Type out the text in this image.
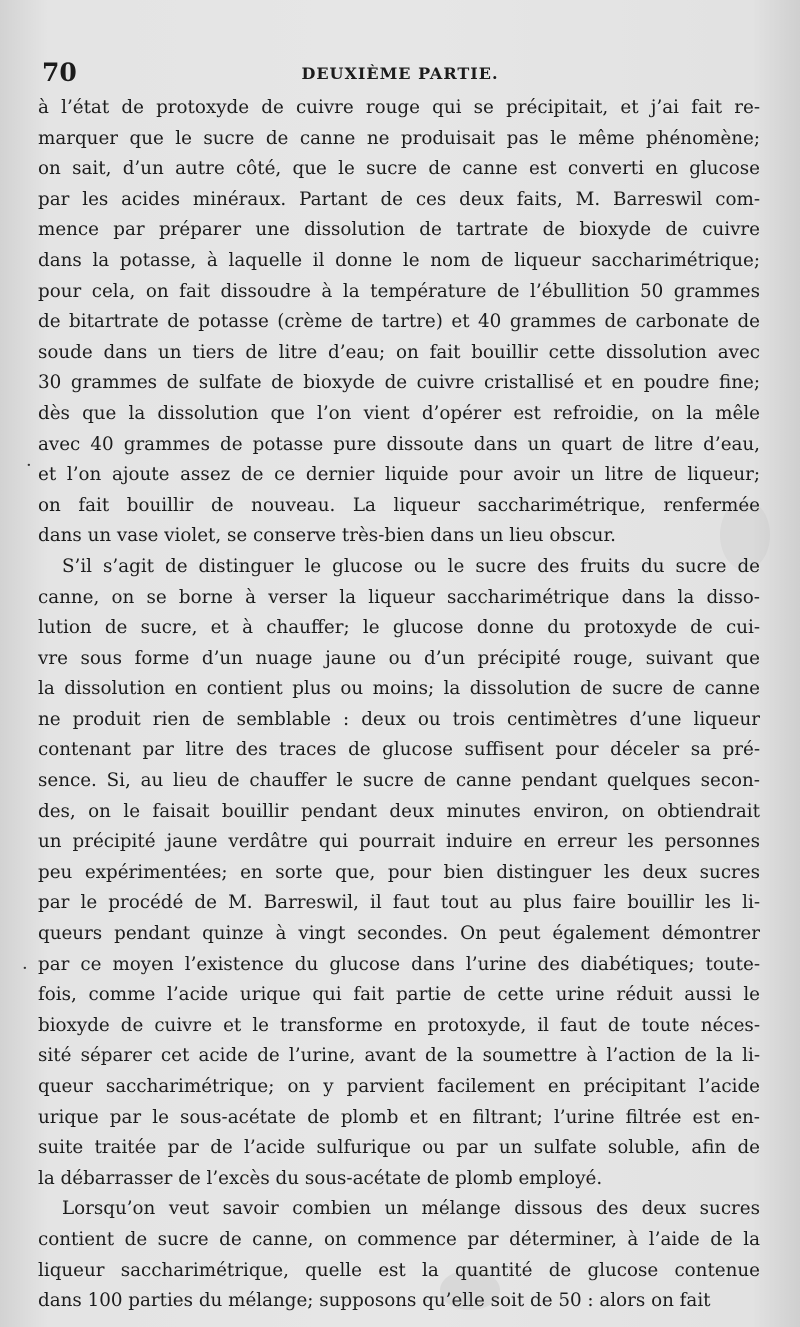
70	DEUXIÈME PARTIE.
·
·
à l’état de protoxyde de cuivre rouge qui se précipitait, et j’ai fait re-
marquer que le sucre de canne ne produisait pas le même phénomène;
on sait, d’un autre côté, que le sucre de canne est converti en glucose
par les acides minéraux. Partant de ces deux faits, M. Barreswil com-
mence par préparer une dissolution de tartrate de bioxyde de cuivre
dans la potasse, à laquelle il donne le nom de liqueur saccharimétrique;
pour cela, on fait dissoudre à la température de l’ébullition 50 grammes
de bitartrate de potasse (crème de tartre) et 40 grammes de carbonate de
soude dans un tiers de litre d’eau; on fait bouillir cette dissolution avec
30 grammes de sulfate de bioxyde de cuivre cristallisé et en poudre fine;
dès que la dissolution que l’on vient d’opérer est refroidie, on la mêle
avec 40 grammes de potasse pure dissoute dans un quart de litre d’eau,
et l’on ajoute assez de ce dernier liquide pour avoir un litre de liqueur;
on fait bouillir de nouveau. La liqueur saccharimétrique, renfermée
dans un vase violet, se conserve très-bien dans un lieu obscur.
S’il s’agit de distinguer le glucose ou le sucre des fruits du sucre de
canne, on se borne à verser la liqueur saccharimétrique dans la disso-
lution de sucre, et à chauffer; le glucose donne du protoxyde de cui-
vre sous forme d’un nuage jaune ou d’un précipité rouge, suivant que
la dissolution en contient plus ou moins; la dissolution de sucre de canne
ne produit rien de semblable : deux ou trois centimètres d’une liqueur
contenant par litre des traces de glucose suffisent pour déceler sa pré-
sence. Si, au lieu de chauffer le sucre de canne pendant quelques secon-
des, on le faisait bouillir pendant deux minutes environ, on obtiendrait
un précipité jaune verdâtre qui pourrait induire en erreur les personnes
peu expérimentées; en sorte que, pour bien distinguer les deux sucres
par le procédé de M. Barreswil, il faut tout au plus faire bouillir les li-
queurs pendant quinze à vingt secondes. On peut également démontrer
par ce moyen l’existence du glucose dans l’urine des diabétiques; toute-
fois, comme l’acide urique qui fait partie de cette urine réduit aussi le
bioxyde de cuivre et le transforme en protoxyde, il faut de toute néces-
sité séparer cet acide de l’urine, avant de la soumettre à l’action de la li-
queur saccharimétrique; on y parvient facilement en précipitant l’acide
urique par le sous-acétate de plomb et en filtrant; l’urine filtrée est en-
suite traitée par de l’acide sulfurique ou par un sulfate soluble, afin de
la débarrasser de l’excès du sous-acétate de plomb employé.
Lorsqu’on veut savoir combien un mélange dissous des deux sucres
contient de sucre de canne, on commence par déterminer, à l’aide de la
liqueur saccharimétrique, quelle est la quantité de glucose contenue
dans 100 parties du mélange; supposons qu’elle soit de 50 : alors on fait
